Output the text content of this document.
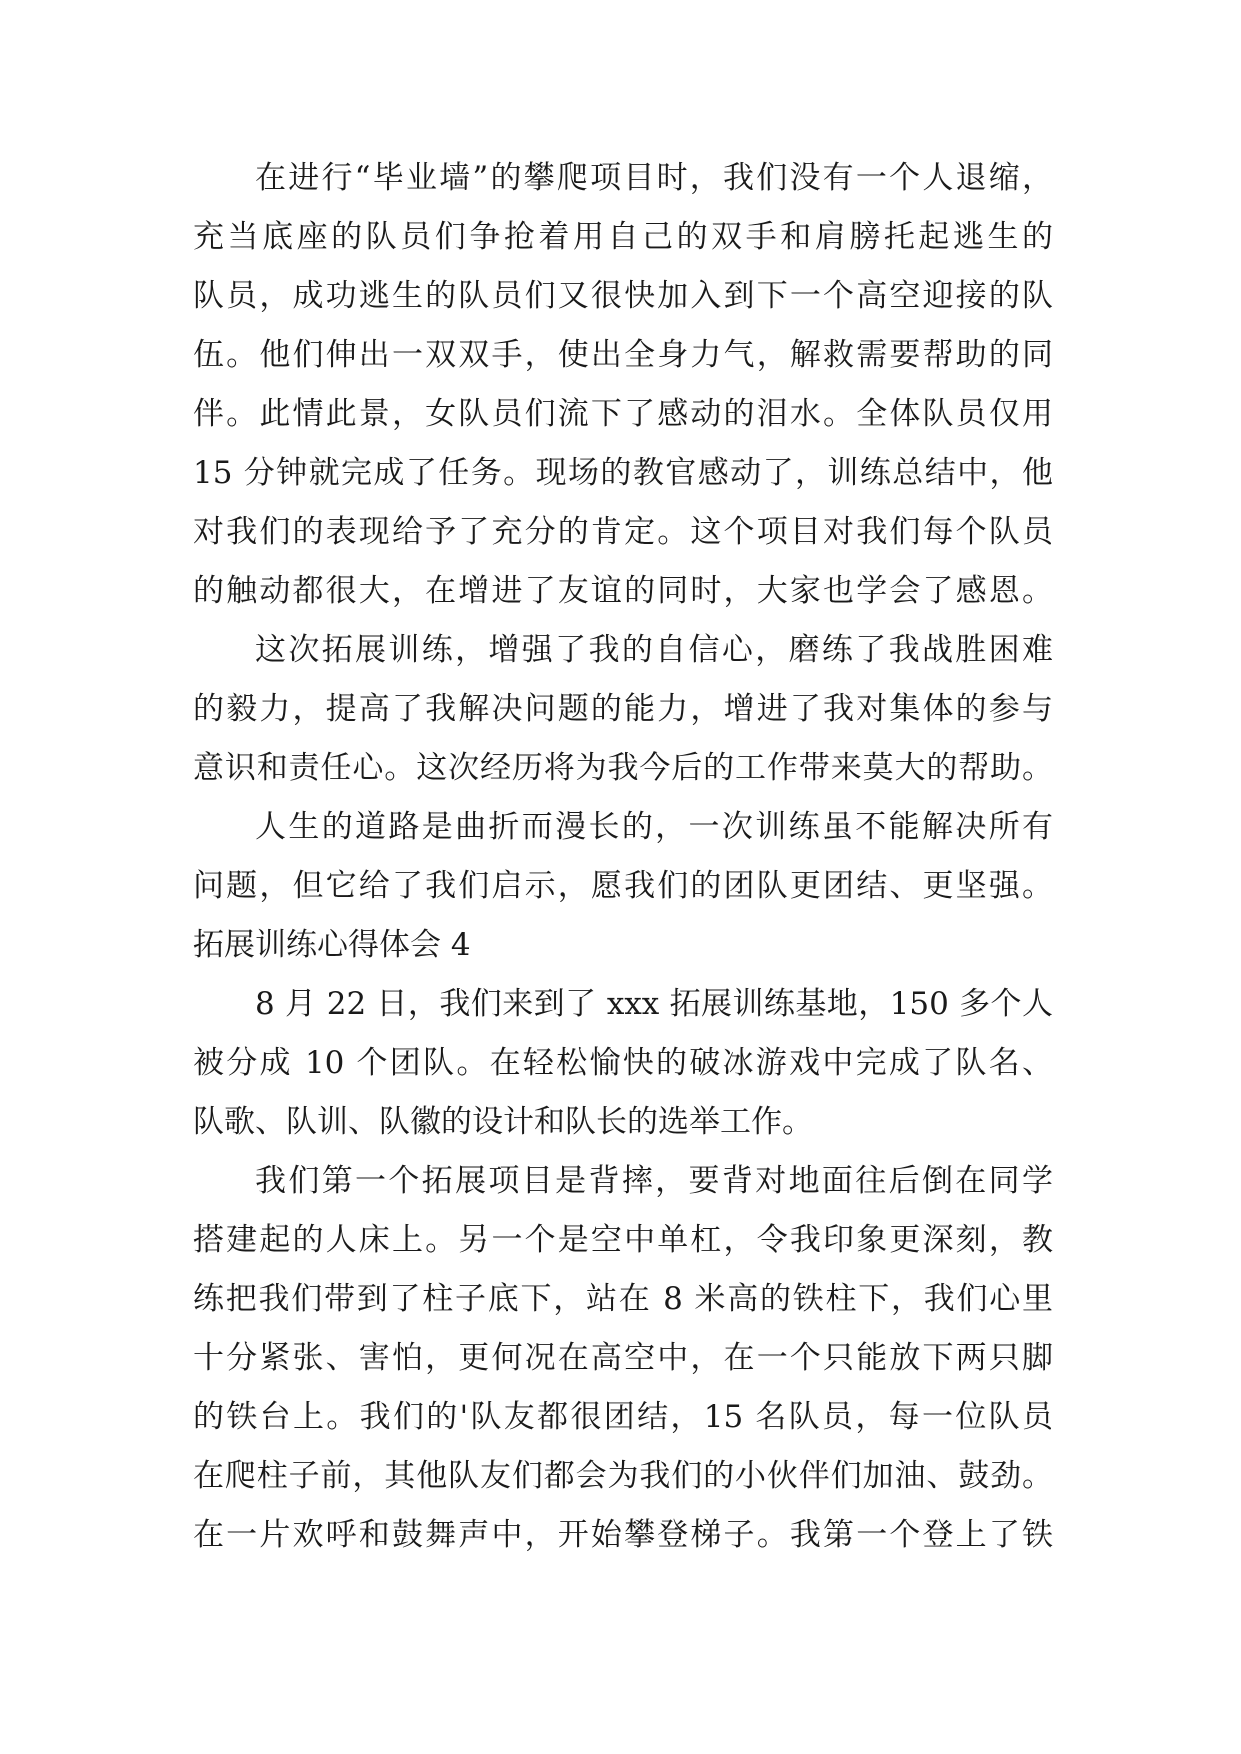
在进行“毕业墙”的攀爬项目时，我们没有一个人退缩，
充当底座的队员们争抢着用自己的双手和肩膀托起逃生的
队员，成功逃生的队员们又很快加入到下一个高空迎接的队
伍。他们伸出一双双手，使出全身力气，解救需要帮助的同
伴。此情此景，女队员们流下了感动的泪水。全体队员仅用
15 分钟就完成了任务。现场的教官感动了，训练总结中，他
对我们的表现给予了充分的肯定。这个项目对我们每个队员
的触动都很大，在增进了友谊的同时，大家也学会了感恩。
这次拓展训练，增强了我的自信心，磨练了我战胜困难
的毅力，提高了我解决问题的能力，增进了我对集体的参与
意识和责任心。这次经历将为我今后的工作带来莫大的帮助。
人生的道路是曲折而漫长的，一次训练虽不能解决所有
问题，但它给了我们启示，愿我们的团队更团结、更坚强。
拓展训练心得体会 4
8 月 22 日，我们来到了 xxx 拓展训练基地，150 多个人
被分成 10 个团队。在轻松愉快的破冰游戏中完成了队名、
队歌、队训、队徽的设计和队长的选举工作。
我们第一个拓展项目是背摔，要背对地面往后倒在同学
搭建起的人床上。另一个是空中单杠，令我印象更深刻，教
练把我们带到了柱子底下，站在 8 米高的铁柱下，我们心里
十分紧张、害怕，更何况在高空中，在一个只能放下两只脚
的铁台上。我们的'队友都很团结，15 名队员，每一位队员
在爬柱子前，其他队友们都会为我们的小伙伴们加油、鼓劲。
在一片欢呼和鼓舞声中，开始攀登梯子。我第一个登上了铁
